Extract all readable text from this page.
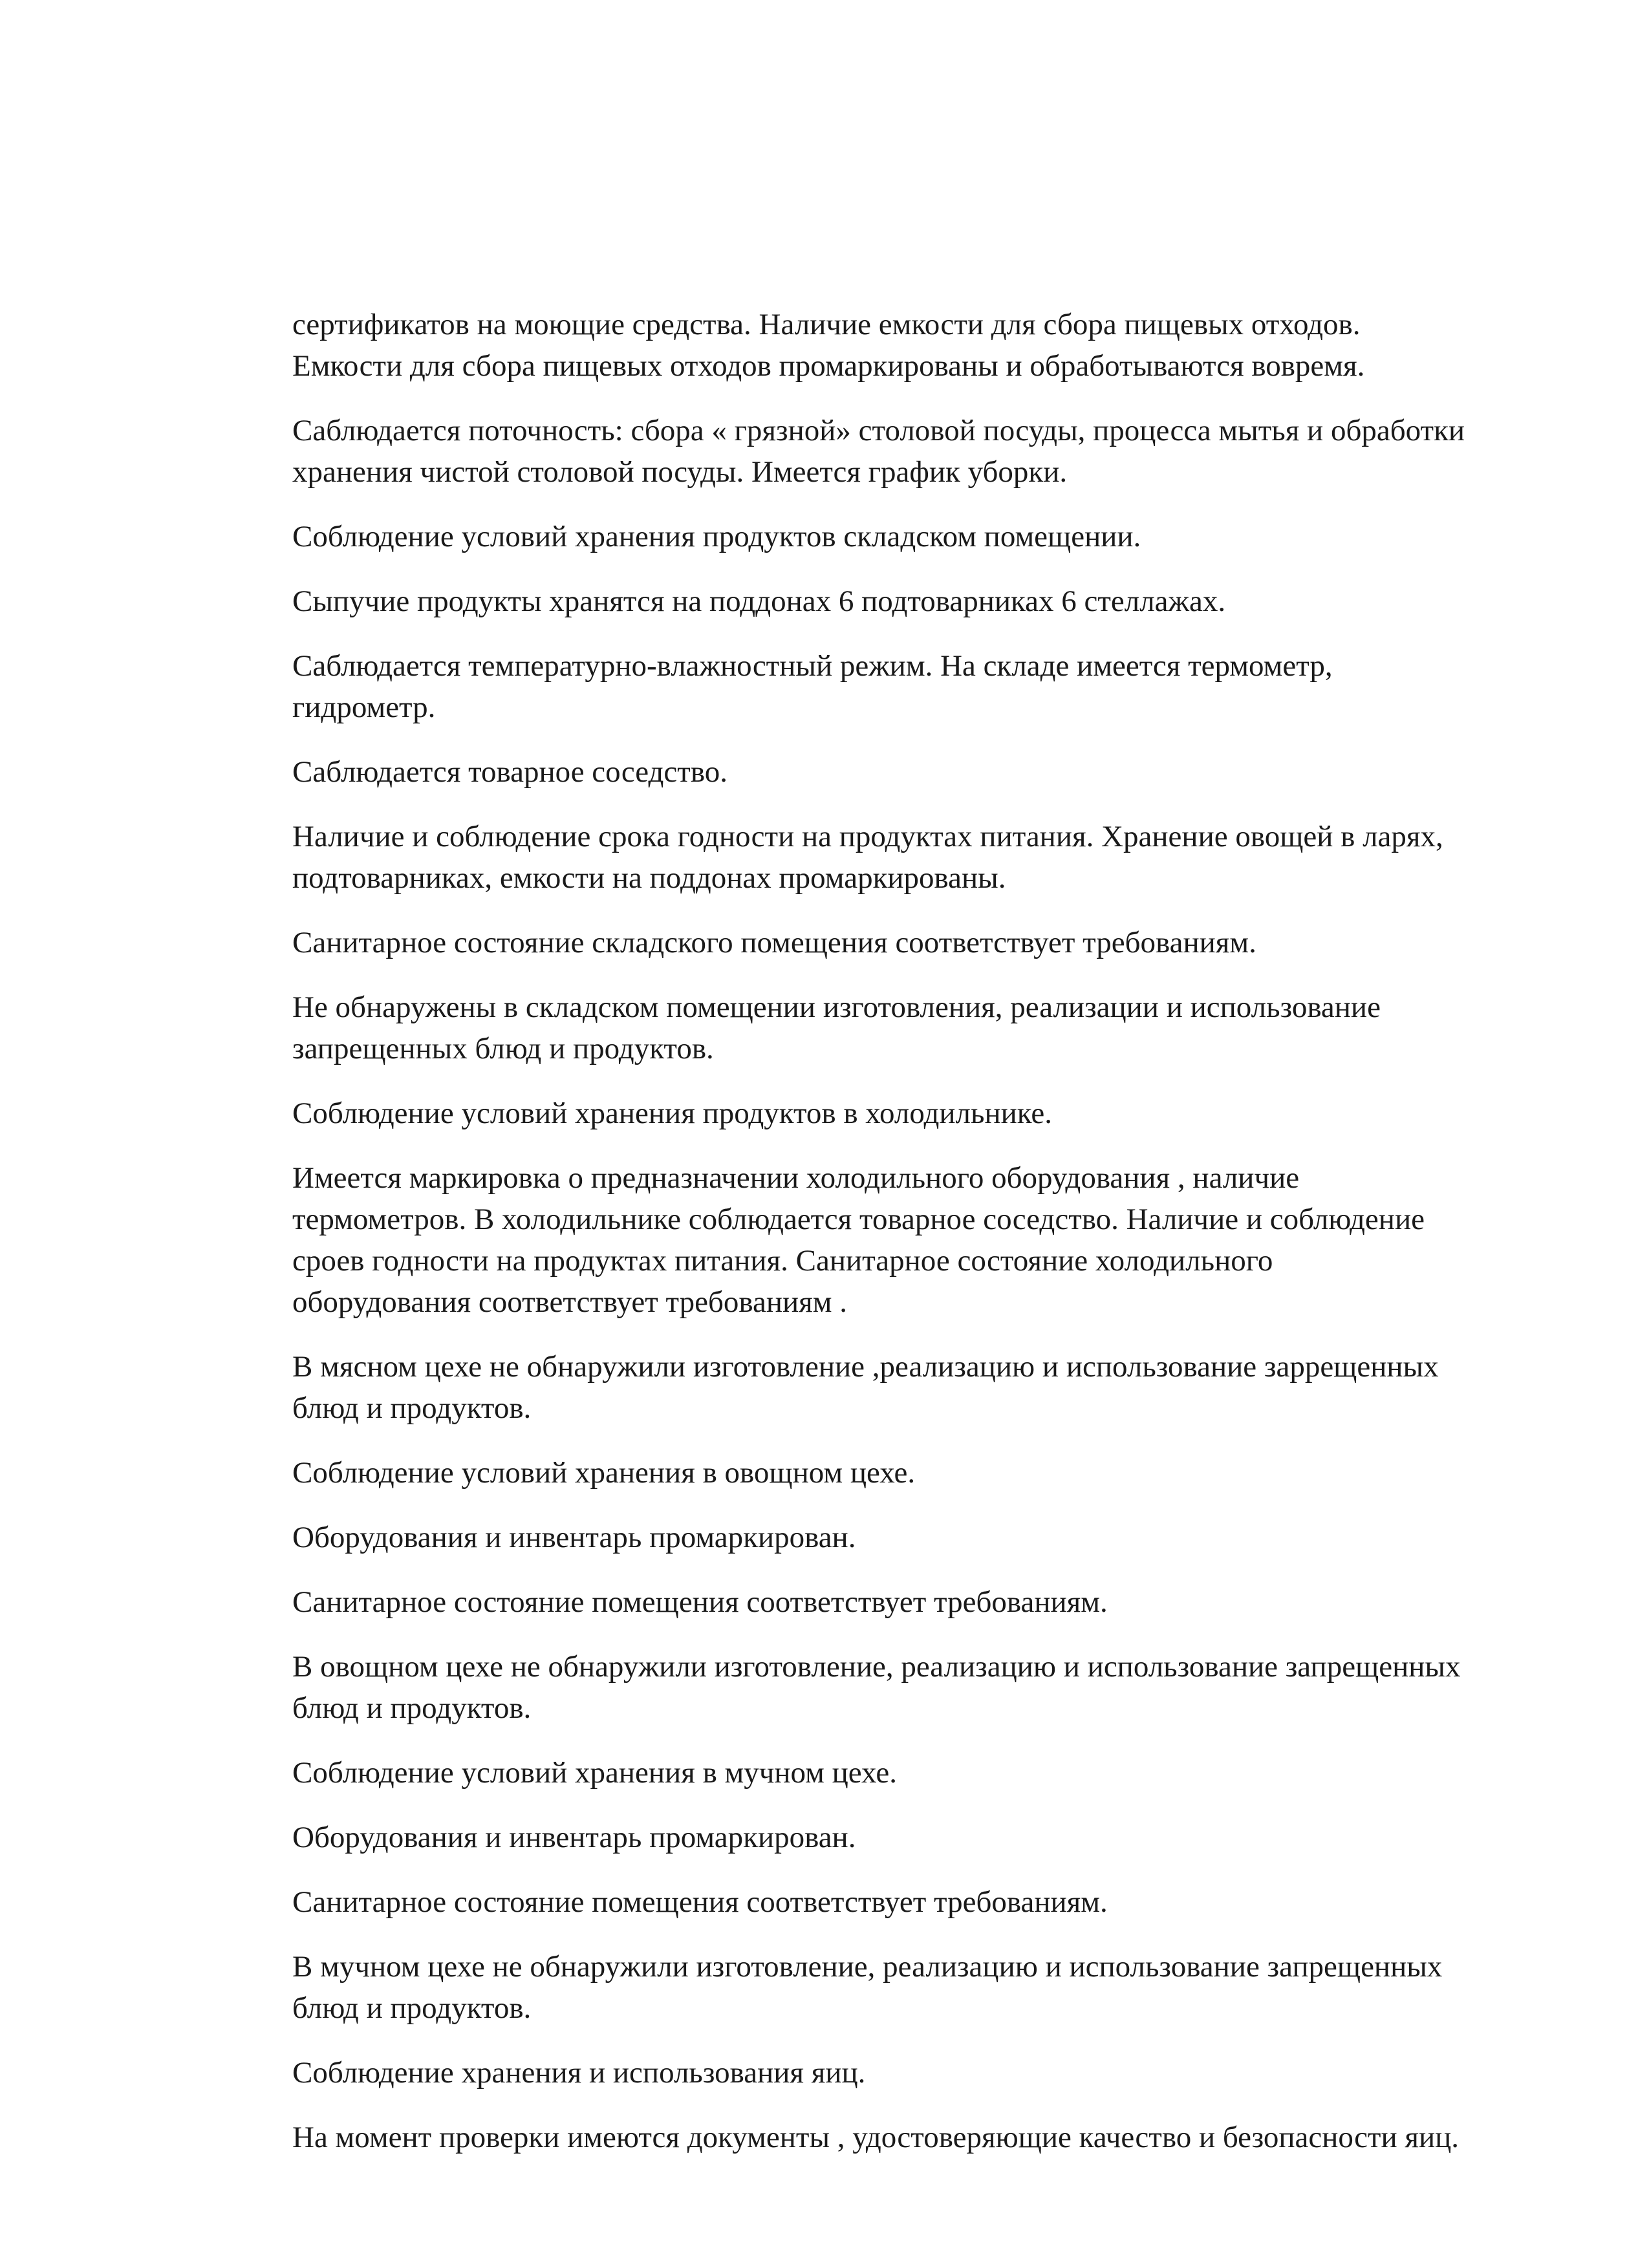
сертификатов на моющие средства. Наличие емкости для сбора пищевых отходов.
Емкости для сбора пищевых отходов промаркированы и обработываются вовремя.

Саблюдается поточность: сбора « грязной» столовой посуды, процесса мытья и обработки
хранения чистой столовой посуды. Имеется график уборки.

Соблюдение условий хранения продуктов складском помещении.

Сыпучие продукты хранятся на поддонах 6 подтоварниках 6 стеллажах.

Саблюдается температурно-влажностный режим. На складе имеется термометр,
гидрометр.

Саблюдается товарное соседство.

Наличие и соблюдение срока годности на продуктах питания. Хранение овощей в ларях,
подтоварниках, емкости на поддонах промаркированы.

Санитарное состояние складского помещения соответствует требованиям.

Не обнаружены в складском помещении изготовления, реализации и использование
запрещенных блюд и продуктов.

Соблюдение условий хранения продуктов в холодильнике.

Имеется маркировка о предназначении холодильного оборудования , наличие
термометров. В холодильнике соблюдается товарное соседство. Наличие и соблюдение
сроев годности на продуктах питания. Санитарное состояние холодильного
оборудования соответствует требованиям .

В мясном цехе не обнаружили изготовление ,реализацию и использование заррещенных
блюд и продуктов.

Соблюдение условий хранения в овощном цехе.

Оборудования и инвентарь промаркирован.

Санитарное состояние помещения соответствует требованиям.

В овощном цехе не обнаружили изготовление, реализацию и использование запрещенных
блюд и продуктов.

Соблюдение условий хранения в мучном цехе.

Оборудования и инвентарь промаркирован.

Санитарное состояние помещения соответствует требованиям.

В мучном цехе не обнаружили изготовление, реализацию и использование запрещенных
блюд и продуктов.

Соблюдение хранения и использования яиц.

На момент проверки имеются документы , удостоверяющие качество и безопасности яиц.
